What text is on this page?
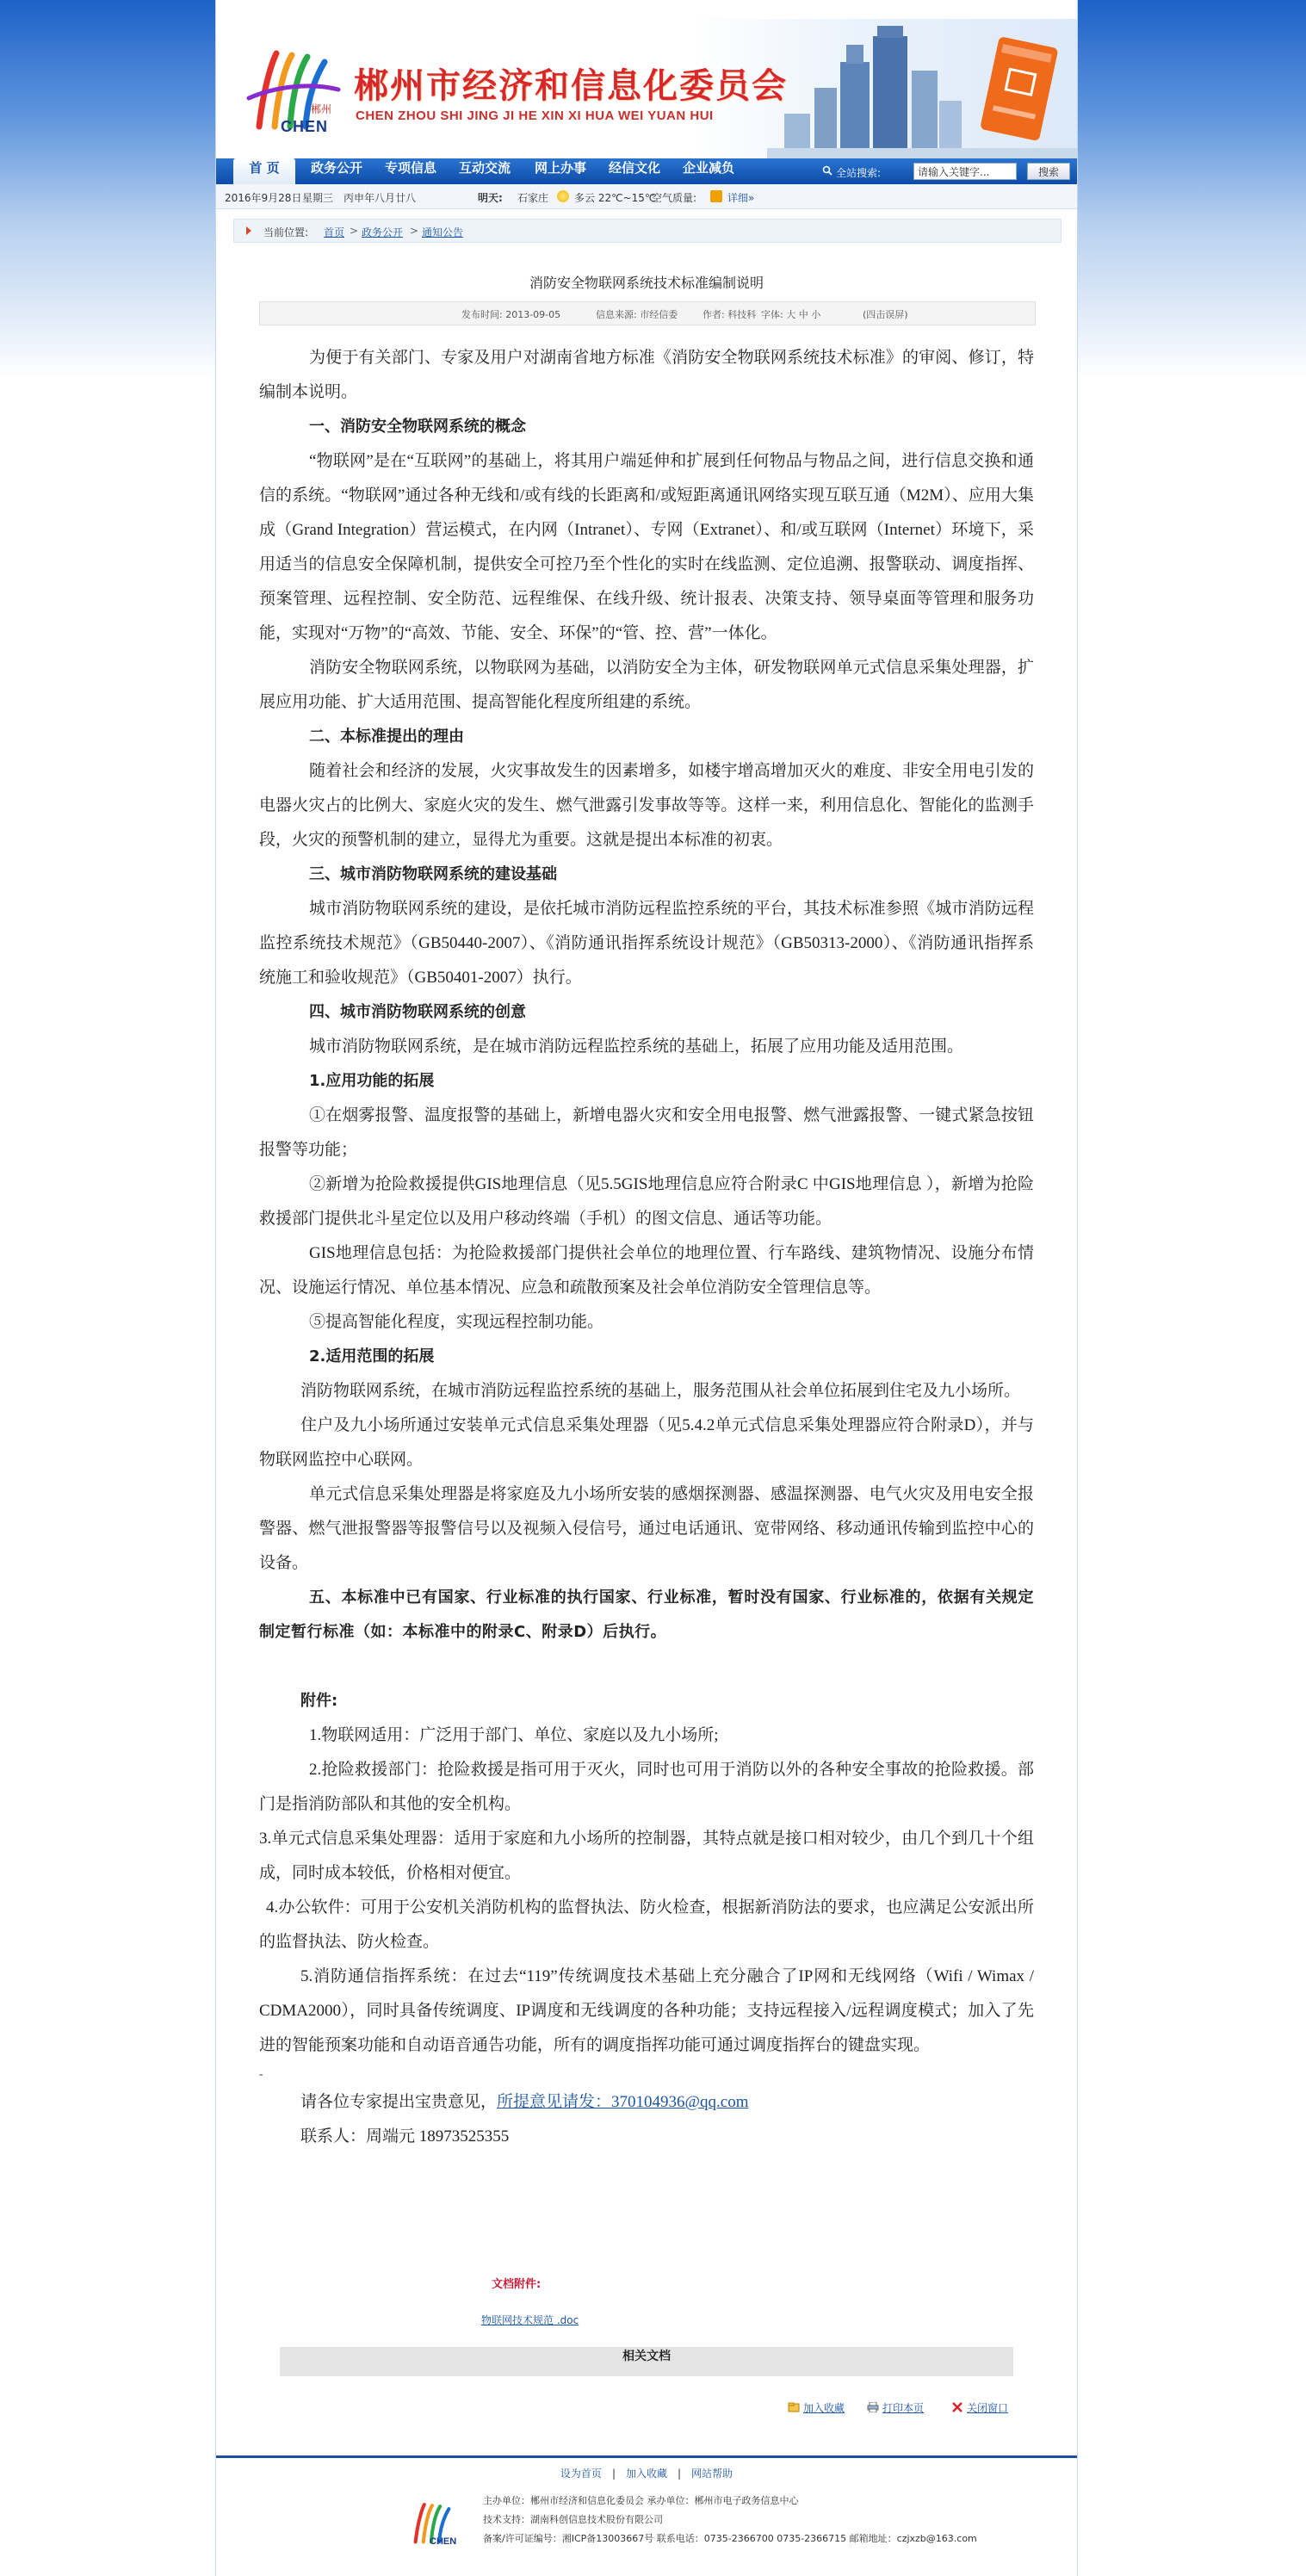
郴州
CHEN
郴州市经济和信息化委员会
CHEN ZHOU SHI JING JI HE XIN XI HUA WEI YUAN HUI
首 页	政务公开	专项信息	互动交流	网上办事	经信文化	企业减负	全站搜索:
请输入关键字...	搜索
2016年9月28日 星期三 丙申年八月廿八	明天: 石家庄 多云 22℃~15℃
空气质量:	详细»
当前位置: 首页 > 政务公开 > 通知公告
消防安全物联网系统技术标准编制说明
发布时间: 2013-09-05	信息来源: 市经信委	作者: 科技科 字体: 大 中 小	(四击误屏)

为便于有关部门、专家及用户对湖南省地方标准《消防安全物联网系统技术标准》的审阅、修订，特编制本说明。

一、消防安全物联网系统的概念

“物联网”是在“互联网”的基础上，将其用户端延伸和扩展到任何物品与物品之间，进行信息交换和通信的系统。“物联网”通过各种无线和/或有线的长距离和/或短距离通讯网络实现互联互通（M2M）、应用大集成（Grand Integration）营运模式，在内网（Intranet）、专网（Extranet）、和/或互联网（Internet）环境下，采用适当的信息安全保障机制，提供安全可控乃至个性化的实时在线监测、定位追溯、报警联动、调度指挥、预案管理、远程控制、安全防范、远程维保、在线升级、统计报表、决策支持、领导桌面等管理和服务功能，实现对“万物”的“高效、节能、安全、环保”的“管、控、营”一体化。

消防安全物联网系统，以物联网为基础，以消防安全为主体，研发物联网单元式信息采集处理器，扩展应用功能、扩大适用范围、提高智能化程度所组建的系统。

二、本标准提出的理由

随着社会和经济的发展，火灾事故发生的因素增多，如楼宇增高增加灭火的难度、非安全用电引发的电器火灾占的比例大、家庭火灾的发生、燃气泄露引发事故等等。这样一来，利用信息化、智能化的监测手段，火灾的预警机制的建立，显得尤为重要。这就是提出本标准的初衷。

三、城市消防物联网系统的建设基础

城市消防物联网系统的建设，是依托城市消防远程监控系统的平台，其技术标准参照《城市消防远程监控系统技术规范》（GB50440-2007）、《消防通讯指挥系统设计规范》（GB50313-2000）、《消防通讯指挥系统施工和验收规范》（GB50401-2007）执行。

四、城市消防物联网系统的创意

城市消防物联网系统，是在城市消防远程监控系统的基础上，拓展了应用功能及适用范围。

1.应用功能的拓展

①在烟雾报警、温度报警的基础上，新增电器火灾和安全用电报警、燃气泄露报警、一键式紧急按钮报警等功能；

②新增为抢险救援提供GIS地理信息（见5.5GIS地理信息应符合附录C 中GIS地理信息 ），新增为抢险救援部门提供北斗星定位以及用户移动终端（手机）的图文信息、通话等功能。

GIS地理信息包括：为抢险救援部门提供社会单位的地理位置、行车路线、建筑物情况、设施分布情况、设施运行情况、单位基本情况、应急和疏散预案及社会单位消防安全管理信息等。

⑤提高智能化程度，实现远程控制功能。

2.适用范围的拓展

消防物联网系统，在城市消防远程监控系统的基础上，服务范围从社会单位拓展到住宅及九小场所。

住户及九小场所通过安装单元式信息采集处理器（见5.4.2单元式信息采集处理器应符合附录D），并与物联网监控中心联网。

单元式信息采集处理器是将家庭及九小场所安装的感烟探测器、感温探测器、电气火灾及用电安全报警器、燃气泄报警器等报警信号以及视频入侵信号，通过电话通讯、宽带网络、移动通讯传输到监控中心的设备。

五、本标准中已有国家、行业标准的执行国家、行业标准，暂时没有国家、行业标准的，依据有关规定制定暂行标准（如：本标准中的附录C、附录D）后执行。

附件:

1.物联网适用：广泛用于部门、单位、家庭以及九小场所;

2.抢险救援部门：抢险救援是指可用于灭火，同时也可用于消防以外的各种安全事故的抢险救援。部门是指消防部队和其他的安全机构。

3.单元式信息采集处理器：适用于家庭和九小场所的控制器，其特点就是接口相对较少，由几个到几十个组成，同时成本较低，价格相对便宜。

4.办公软件：可用于公安机关消防机构的监督执法、防火检查，根据新消防法的要求，也应满足公安派出所的监督执法、防火检查。

5.消防通信指挥系统：在过去“119”传统调度技术基础上充分融合了IP网和无线网络（Wifi / Wimax / CDMA2000），同时具备传统调度、IP调度和无线调度的各种功能；支持远程接入/远程调度模式；加入了先进的智能预案功能和自动语音通告功能，所有的调度指挥功能可通过调度指挥台的键盘实现。

-

请各位专家提出宝贵意见，所提意见请发：370104936@qq.com

联系人：周端元 18973525355

文档附件:
物联网技术规范 .doc
相关文档
加入收藏	打印本页	关闭窗口
设为首页 | 加入收藏 | 网站帮助
CHEN
主办单位：郴州市经济和信息化委员会 承办单位：郴州市电子政务信息中心
技术支持：湖南科创信息技术股份有限公司
备案/许可证编号：湘ICP备13003667号 联系电话：0735-2366700 0735-2366715 邮箱地址：czjxzb@163.com
